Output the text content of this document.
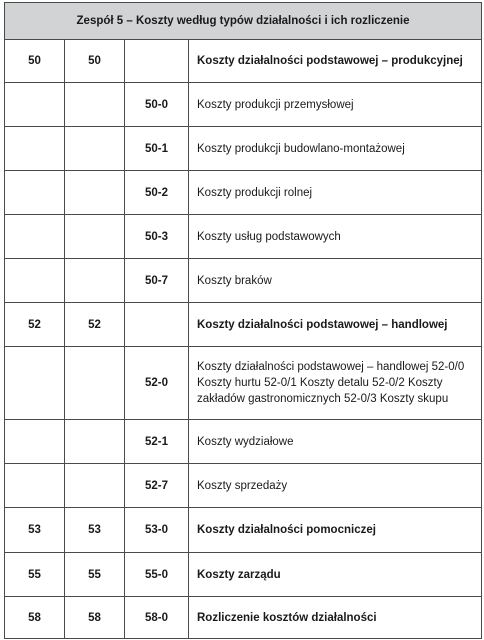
Zespół 5 – Koszty według typów działalności i ich rozliczenie			
50	50		Koszty działalności podstawowej – produkcyjnej
		50-0	Koszty produkcji przemysłowej
		50-1	Koszty produkcji budowlano-montażowej
		50-2	Koszty produkcji rolnej
		50-3	Koszty usług podstawowych
		50-7	Koszty braków
52	52		Koszty działalności podstawowej – handlowej
		52-0	Koszty działalności podstawowej – handlowej 52-0/0 Koszty hurtu 52-0/1 Koszty detalu 52-0/2 Koszty zakładów gastronomicznych 52-0/3 Koszty skupu
		52-1	Koszty wydziałowe
		52-7	Koszty sprzedaży
53	53	53-0	Koszty działalności pomocniczej
55	55	55-0	Koszty zarządu
58	58	58-0	Rozliczenie kosztów działalności
